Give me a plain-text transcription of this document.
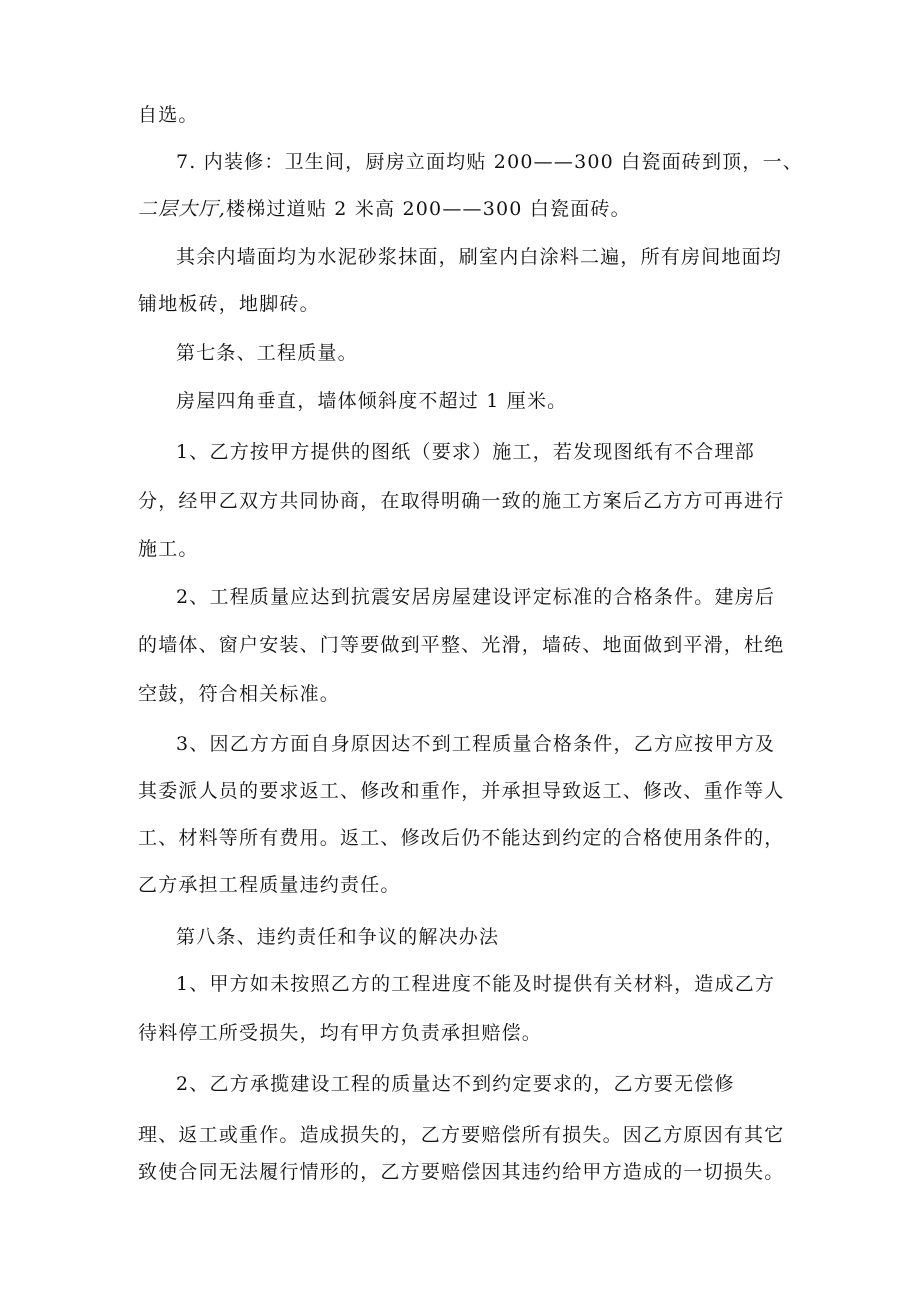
自选。
7. 内装修：卫生间，厨房立面均贴 200——300 白瓷面砖到顶，一、
二层大厅,楼梯过道贴 2 米高 200——300 白瓷面砖。
其余内墙面均为水泥砂浆抹面，刷室内白涂料二遍，所有房间地面均
铺地板砖，地脚砖。
第七条、工程质量。
房屋四角垂直，墙体倾斜度不超过 1 厘米。
1、乙方按甲方提供的图纸（要求）施工，若发现图纸有不合理部
分，经甲乙双方共同协商，在取得明确一致的施工方案后乙方方可再进行
施工。
2、工程质量应达到抗震安居房屋建设评定标准的合格条件。建房后
的墙体、窗户安装、门等要做到平整、光滑，墙砖、地面做到平滑，杜绝
空鼓，符合相关标准。
3、因乙方方面自身原因达不到工程质量合格条件，乙方应按甲方及
其委派人员的要求返工、修改和重作，并承担导致返工、修改、重作等人
工、材料等所有费用。返工、修改后仍不能达到约定的合格使用条件的，
乙方承担工程质量违约责任。
第八条、违约责任和争议的解决办法
1、甲方如未按照乙方的工程进度不能及时提供有关材料，造成乙方
待料停工所受损失，均有甲方负责承担赔偿。
2、乙方承揽建设工程的质量达不到约定要求的，乙方要无偿修
理、返工或重作。造成损失的，乙方要赔偿所有损失。因乙方原因有其它
致使合同无法履行情形的，乙方要赔偿因其违约给甲方造成的一切损失。
